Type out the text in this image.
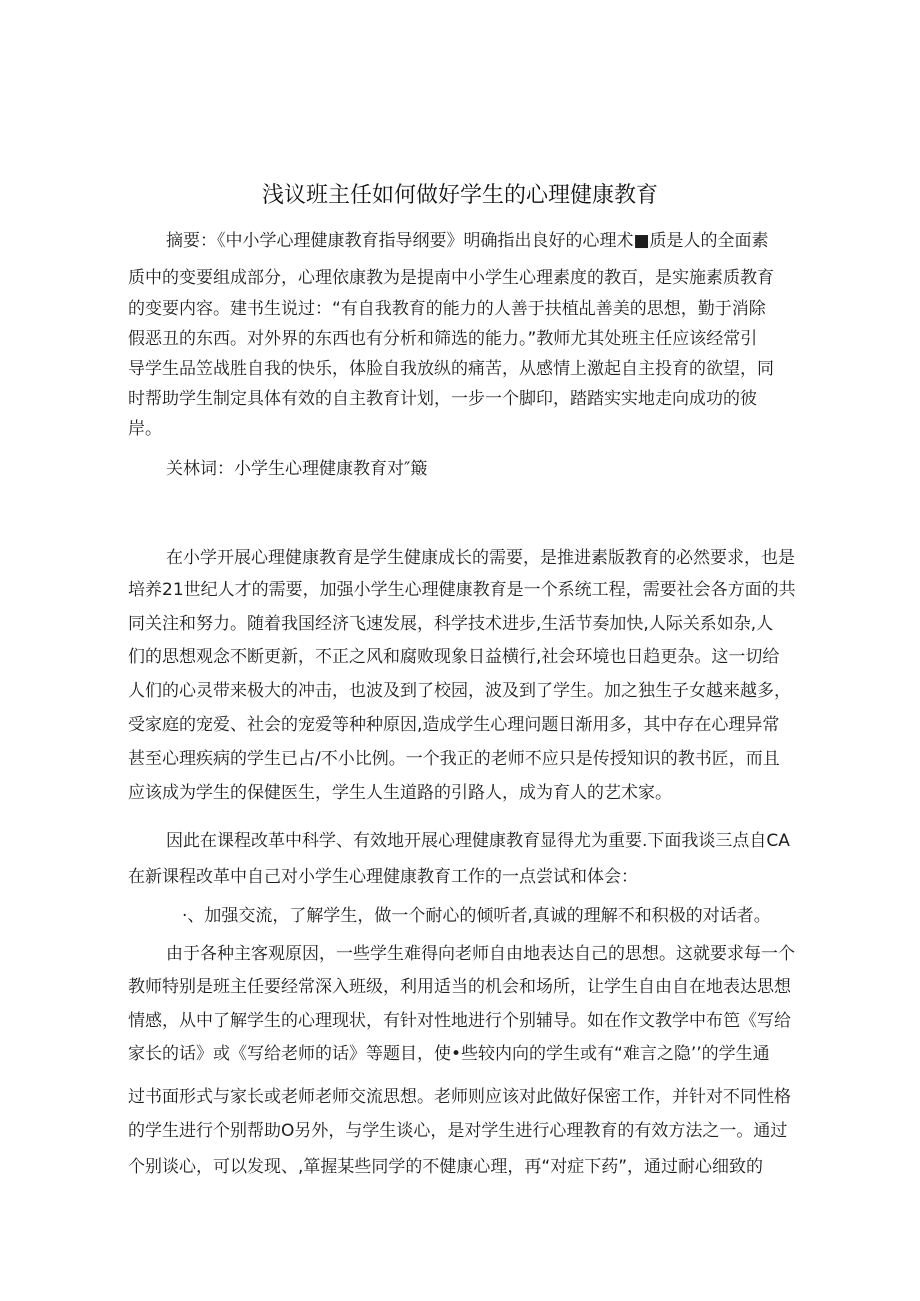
浅议班主任如何做好学生的心理健康教育
摘要：《中小学心理健康教育指导纲要》明确指出良好的心理术■质是人的全面素
质中的变要组成部分，心理依康教为是提南中小学生心理素度的教百，是实施素质教育
的变要内容。建书生说过：“有自我教育的能力的人善于扶植乩善美的思想，勤于消除
假恶丑的东西。对外界的东西也有分析和筛选的能力。”教师尤其处班主任应该经常引
导学生品笠战胜自我的快乐，体脸自我放纵的痛苦，从感情上激起自主投育的欲望，同
时帮助学生制定具体有效的自主教育计划，一步一个脚印，踏踏实实地走向成功的彼
岸。
关林词：小学生心理健康教育对″簸
在小学开展心理健康教育是学生健康成长的需要，是推进素版教育的必然要求，也是
培养21世纪人才的需要，加强小学生心理健康教育是一个系统工程，需要社会各方面的共
同关注和努力。随着我国经济飞速发展，科学技术进步,生活节奏加快,人际关系如杂,人
们的思想观念不断更新，不正之风和腐败现象日益横行,社会环境也日趋更杂。这一切给
人们的心灵带来极大的冲击，也波及到了校园，波及到了学生。加之独生子女越来越多，
受家庭的宠爱、社会的宠爱等种种原因,造成学生心理问题日渐用多，其中存在心理异常
甚至心理疾病的学生已占/不小比例。一个我正的老师不应只是传授知识的教书匠，而且
应该成为学生的保健医生，学生人生道路的引路人，成为育人的艺术家。
因此在课程改革中科学、有效地开展心理健康教育显得尤为重要.下面我谈三点自CA
在新课程改革中自己对小学生心理健康教育工作的一点尝试和体会：
·、加强交流，了解学生，做一个耐心的倾听者,真诚的理解不和积极的对话者。
由于各种主客观原因，一些学生难得向老师自由地表达自己的思想。这就要求每一个
教师特别是班主任要经常深入班级，利用适当的机会和场所，让学生自由自在地表达思想
情感，从中了解学生的心理现状，有针对性地进行个别辅导。如在作文教学中布笆《写给
家长的话》或《写给老师的话》等题目，使•些较内向的学生或有“难言之隐’’的学生通
过书面形式与家长或老师老师交流思想。老师则应该对此做好保密工作，并针对不同性格
的学生进行个别帮助O另外，与学生谈心，是对学生进行心理教育的有效方法之一。通过
个别谈心，可以发现、,箪握某些同学的不健康心理，再“对症下药”，通过耐心细致的
